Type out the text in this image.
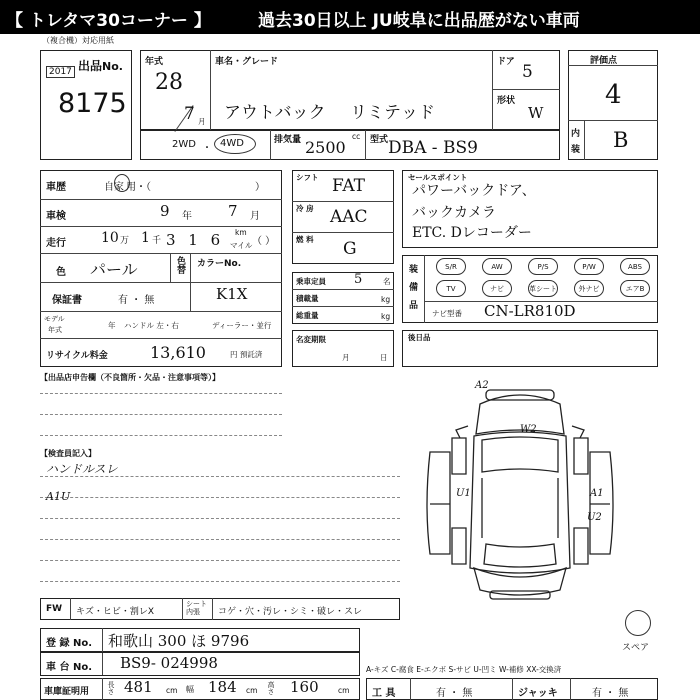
【 トレタマ30コーナー 】	過去30日以上 JU岐阜に出品歴がない車両
（複合機）対応用紙
出品 No.
2017
8175
年式
28
7 月
車名・グレード
アウトバック リミテッド
ドア 5
形状
W
2WD ・ 4WD	排気量 2500
cc 型式 DBA - BS9
評価点
4
内
装 B
車歴	自家 用・（	）
車検	9 年 7 月
走行	10 万 1 千 3 1 6 km
マイル （ ）
色 パール	色替 カラーNo.
保証書	有 ・ 無	K1X
モデル
年式	年 ハンドル 左・右	ディーラー・並行
リサイクル料金	13,610	円 預託済
シフト FAT
冷 房 AAC
燃 料 G
乗車定員 5	名
積載量	kg
総重量	kg
名変期限
月	日
セールスポイント
パワーバックドア、
バックカメラ
ETC. Dレコーダー
装
備
品
S/R	AW	P/S	P/W	ABS
TV	ナビ	革シート	外ナビ	エアB
ナビ型番 CN-LR810D
後日品
【出品店申告欄（不良箇所・欠品・注意事項等）】
【検査員記入】
ハンドルスレ
A1U
A2
W2
U1	A1
U2
スペア
FW キズ・ヒビ・割レX
シート 内張	コゲ・穴・汚レ・シミ・破レ・スレ
登 録 No. 和歌山 300 ほ 9796
車 台 No. BS9- 024998
車庫証明用	長さ 481 cm 幅 184 cm 高さ 160	cm
A-キズ C-腐食 E-エクボ S-サビ U-凹ミ W-補修 XX-交換済
工 具	有 ・ 無	ジャッキ	有 ・ 無
